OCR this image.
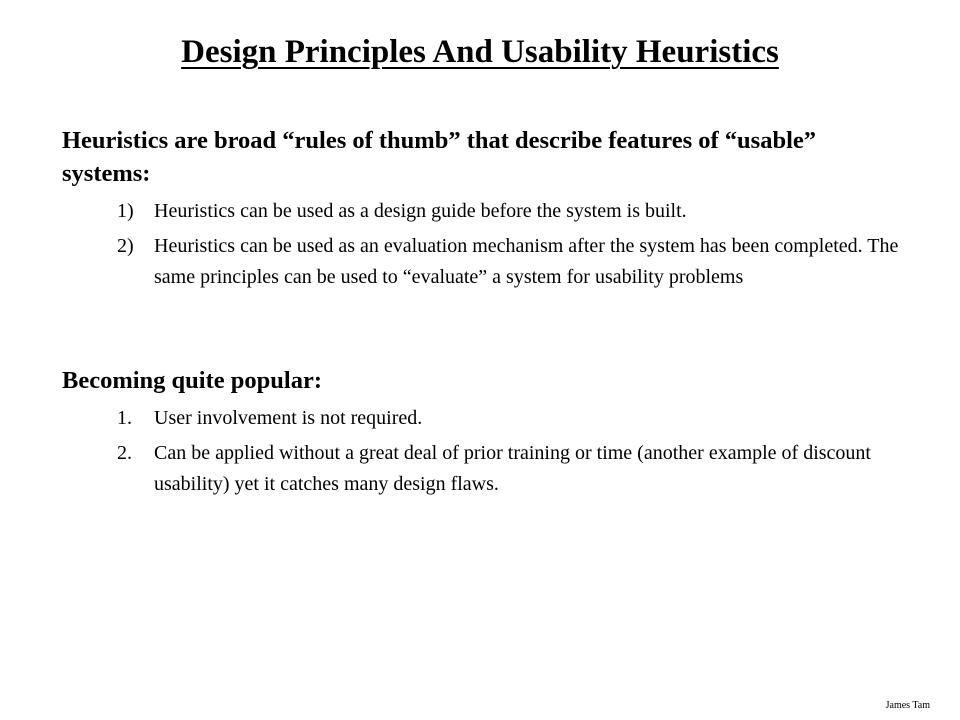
Design Principles And Usability Heuristics

Heuristics are broad “rules of thumb” that describe features of “usable” systems:

1) Heuristics can be used as a design guide before the system is built.
2) Heuristics can be used as an evaluation mechanism after the system has been completed. The same principles can be used to “evaluate” a system for usability problems

Becoming quite popular:

1. User involvement is not required.
2. Can be applied without a great deal of prior training or time (another example of discount usability) yet it catches many design flaws.
James Tam
